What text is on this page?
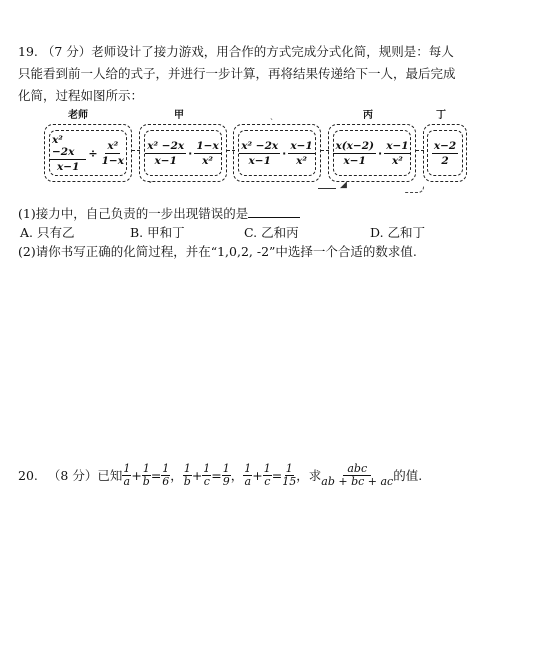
19. （7 分）老师设计了接力游戏，用合作的方式完成分式化简，规则是：每人
只能看到前一人给的式子，并进行一步计算，再将结果传递给下一人，最后完成
化简，过程如图所示：
老师	甲	丙	丁
ˎ
$\frac{\text{x² −2x}}{x-1} \div \frac{\text{x²}}{1-x} \frac{\text{x² −2x}}{x-1} \cdot \frac{1-x}{\text{x²}}$
ˇ
$\frac{\text{x² −2x}}{x-1} \cdot \frac{x-1}{\text{x²}} \frac{x(x-2)}{x-1} \cdot \frac{x-1}{\text{x²}}$
◢
$\frac{x-2}{2}$
(1)接力中，自己负责的一步出现错误的是
A. 只有乙	B. 甲和丁	C. 乙和丙	D. 乙和丁
(2)请你书写正确的化简过程，并在“1,0,2, -2”中选择一个合适的数求值.
20. （8 分）已知 1
$a + \frac{1}{b} = \frac{1}{6}$ ， 1
$b + \frac{1}{c} = \frac{1}{9}$ ， 1
$a + \frac{1}{c} = \frac{1}{15}$ ，求	abc
ab + bc + ac 的值.
